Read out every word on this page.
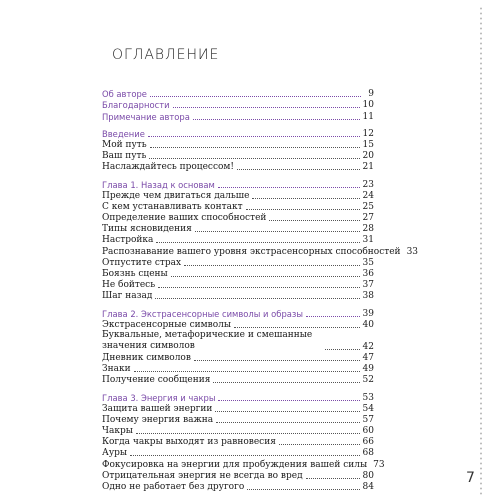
оглавление
Об авторе	9
Благодарности	10
Примечание автора	11
Введение	12
Мой путь	15
Ваш путь	20
Наслаждайтесь процессом!	21
Глава 1. Назад к основам	23
Прежде чем двигаться дальше	24
С кем устанавливать контакт	25
Определение ваших способностей	27
Типы ясновидения	28
Настройка	31
Распознавание вашего уровня экстрасенсорных способностей 33
Отпустите страх	35
Боязнь сцены	36
Не бойтесь	37
Шаг назад	38
Глава 2. Экстрасенсорные символы и образы	39
Экстрасенсорные символы	40
Буквальные, метафорические и смешанные значения символов	42
Дневник символов	47
Знаки	49
Получение сообщения	52
Глава 3. Энергия и чакры	53
Защита вашей энергии	54
Почему энергия важна	57
Чакры	60
Когда чакры выходят из равновесия	66
Ауры	68
Фокусировка на энергии для пробуждения вашей силы 73
Отрицательная энергия не всегда во вред	80
Одно не работает без другого	84
7
